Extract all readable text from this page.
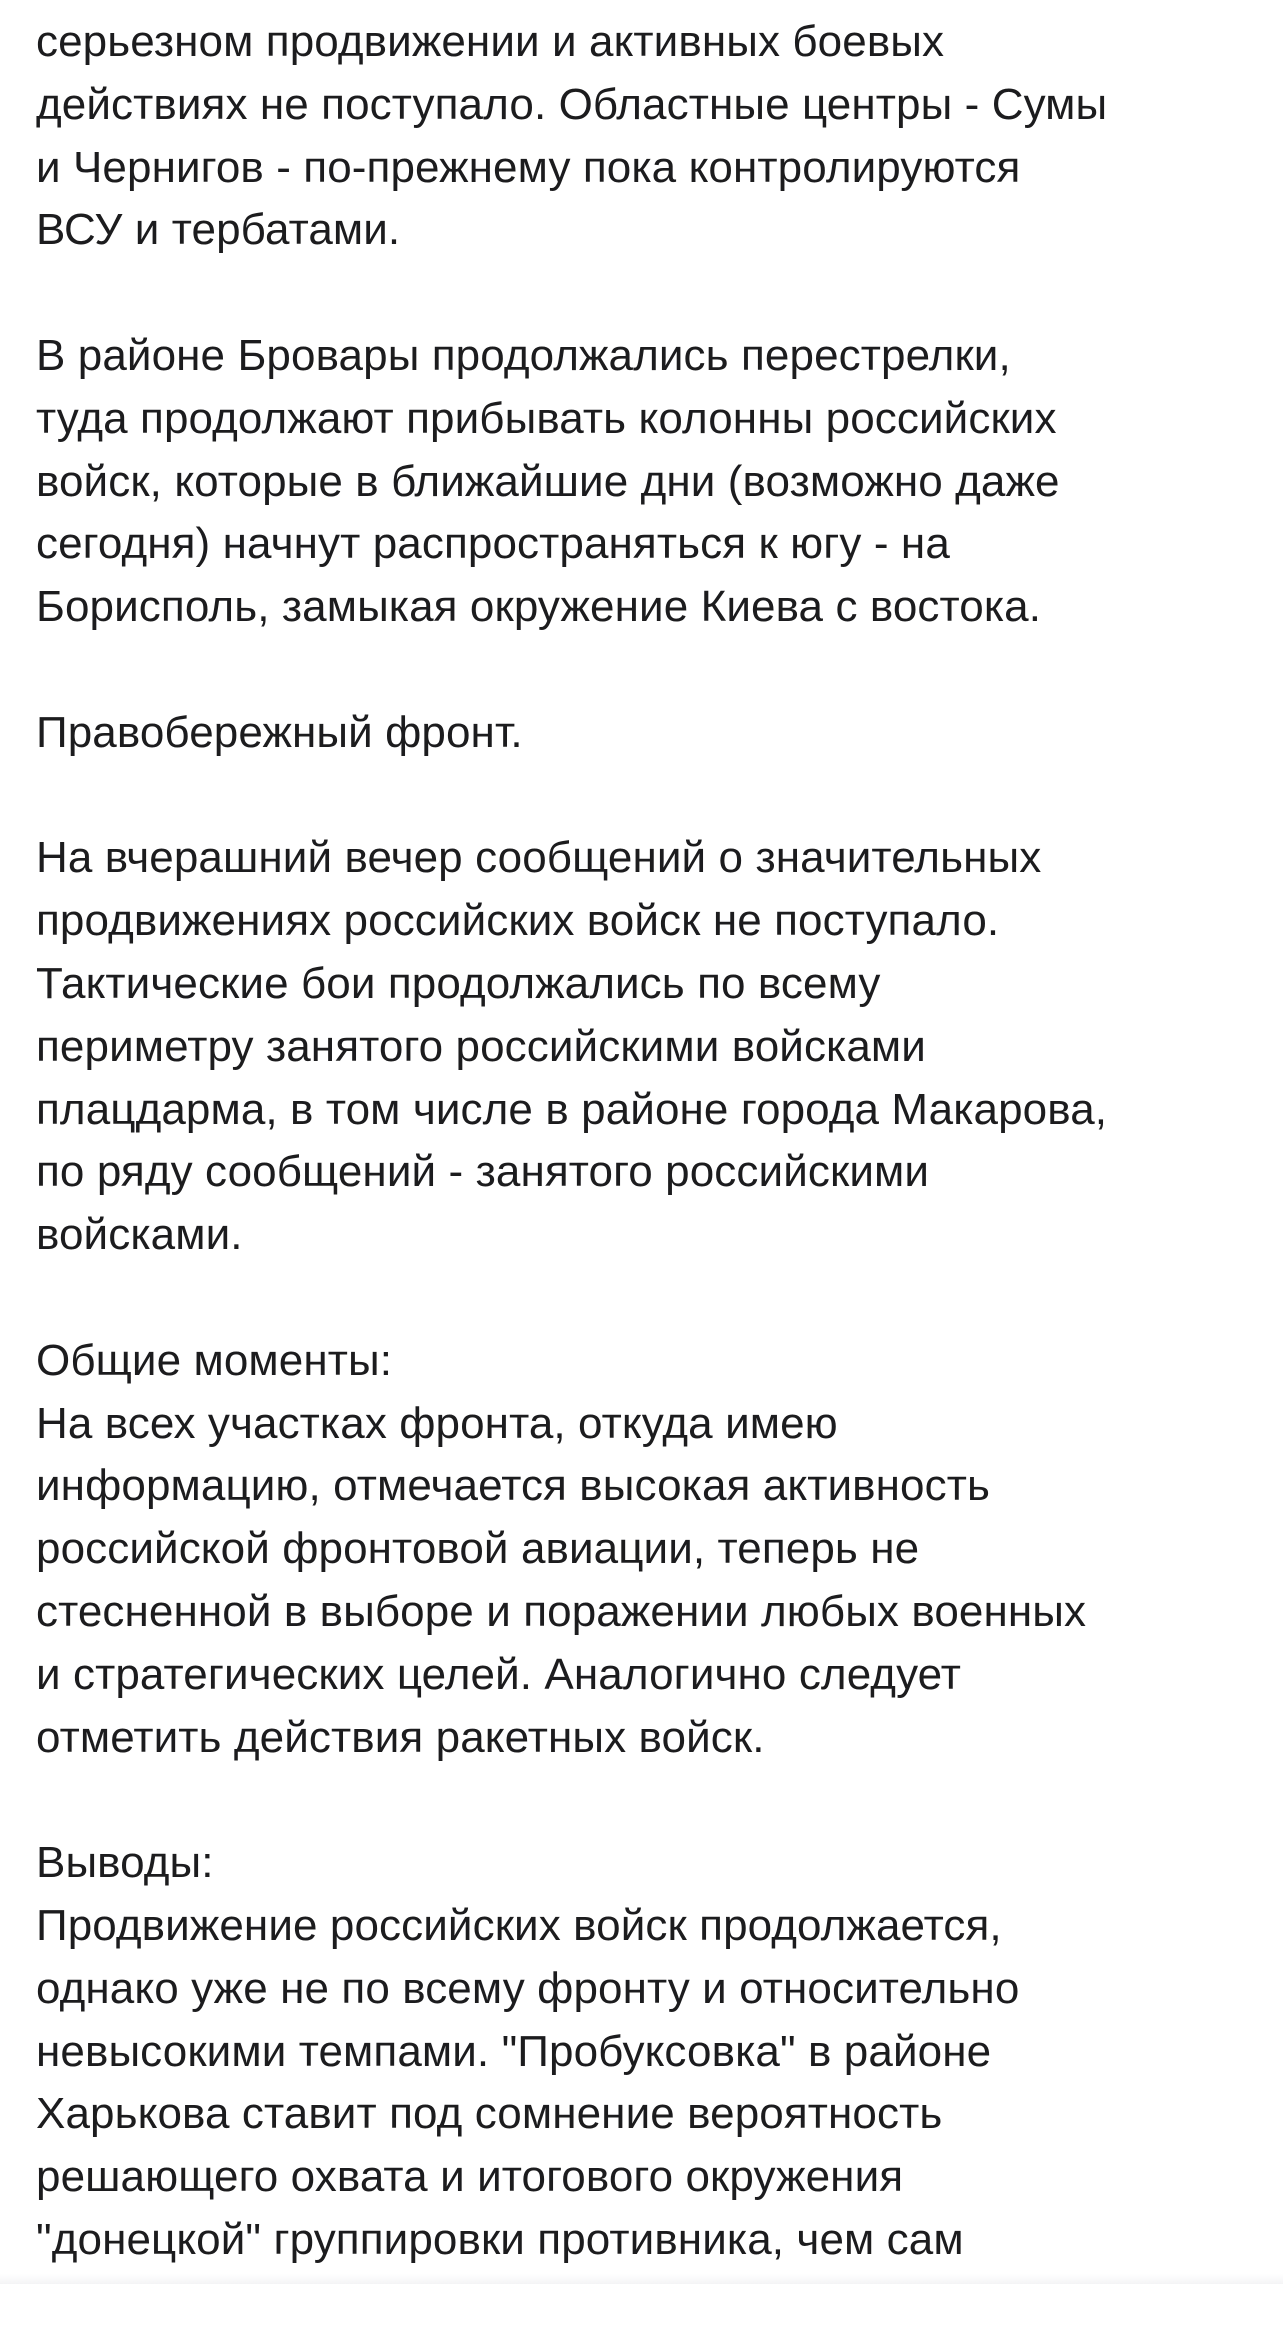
серьезном продвижении и активных боевых
действиях не поступало. Областные центры - Сумы
и Чернигов - по-прежнему пока контролируются
ВСУ и тербатами.

В районе Бровары продолжались перестрелки,
туда продолжают прибывать колонны российских
войск, которые в ближайшие дни (возможно даже
сегодня) начнут распространяться к югу - на
Борисполь, замыкая окружение Киева с востока.

Правобережный фронт.

На вчерашний вечер сообщений о значительных
продвижениях российских войск не поступало.
Тактические бои продолжались по всему
периметру занятого российскими войсками
плацдарма, в том числе в районе города Макарова,
по ряду сообщений - занятого российскими
войсками.

Общие моменты:
На всех участках фронта, откуда имею
информацию, отмечается высокая активность
российской фронтовой авиации, теперь не
стесненной в выборе и поражении любых военных
и стратегических целей. Аналогично следует
отметить действия ракетных войск.

Выводы:
Продвижение российских войск продолжается,
однако уже не по всему фронту и относительно
невысокими темпами. "Пробуксовка" в районе
Харькова ставит под сомнение вероятность
решающего охвата и итогового окружения
"донецкой" группировки противника, чем сам
